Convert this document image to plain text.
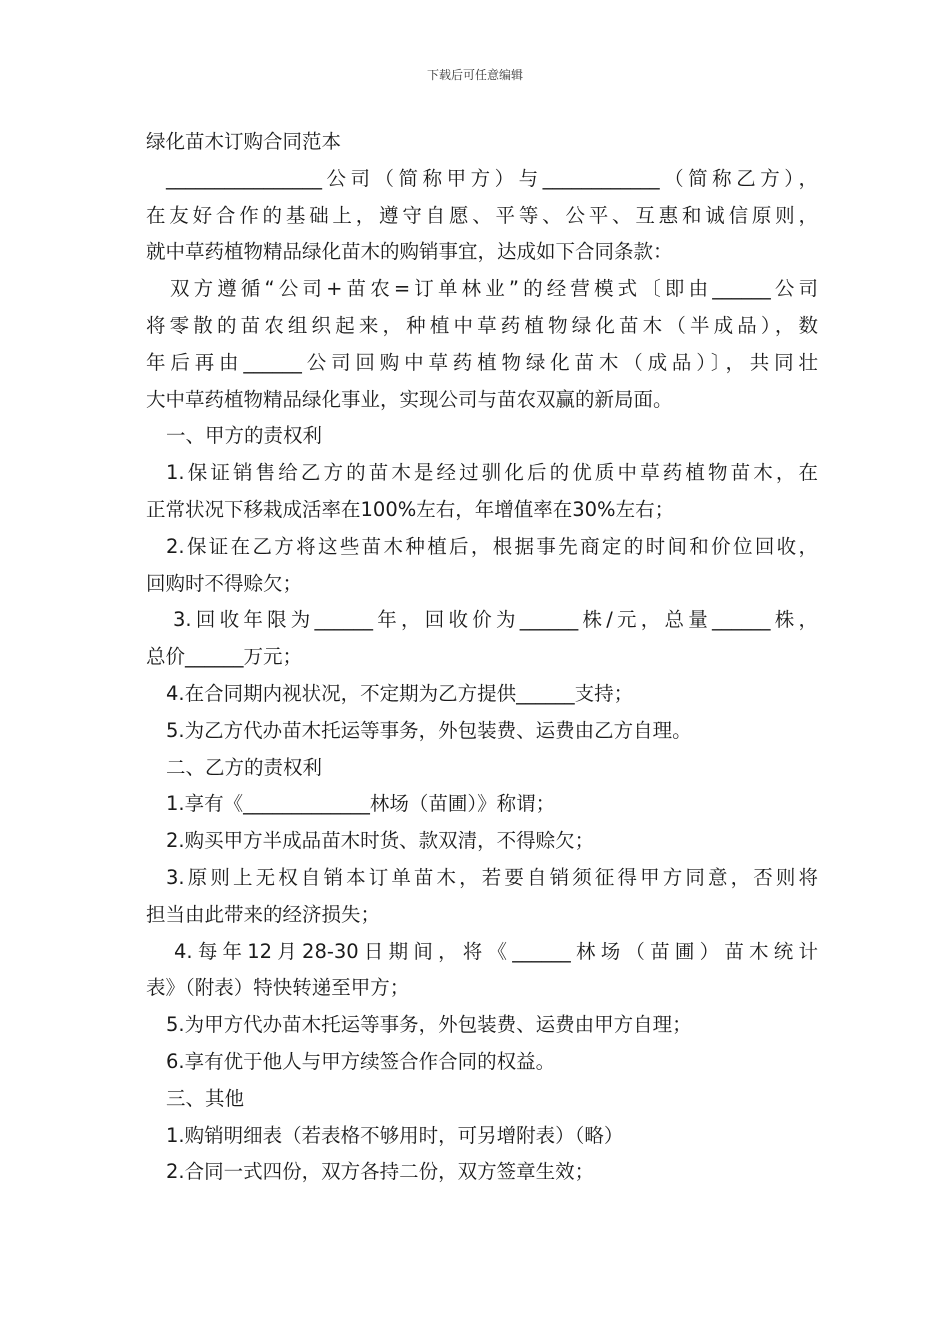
下载后可任意编辑
绿化苗木订购合同范本
________________公司（简称甲方）与____________（简称乙方），
在友好合作的基础上，遵守自愿、平等、公平、互惠和诚信原则，
就中草药植物精品绿化苗木的购销事宜，达成如下合同条款：
双方遵循“公司+苗农=订单林业”的经营模式〔即由______公司
将零散的苗农组织起来，种植中草药植物绿化苗木（半成品），数
年后再由______公司回购中草药植物绿化苗木（成品）〕，共同壮
大中草药植物精品绿化事业，实现公司与苗农双赢的新局面。
一、甲方的责权利
1.保证销售给乙方的苗木是经过驯化后的优质中草药植物苗木，在
正常状况下移栽成活率在100%左右，年增值率在30%左右；
2.保证在乙方将这些苗木种植后，根据事先商定的时间和价位回收，
回购时不得赊欠；
3.回收年限为______年，回收价为______株/元，总量______株，
总价______万元；
4.在合同期内视状况，不定期为乙方提供______支持；
5.为乙方代办苗木托运等事务，外包装费、运费由乙方自理。
二、乙方的责权利
1.享有《_____________林场（苗圃）》称谓；
2.购买甲方半成品苗木时货、款双清，不得赊欠；
3.原则上无权自销本订单苗木，若要自销须征得甲方同意，否则将
担当由此带来的经济损失；
4.每年12月28-30日期间，将《______林场（苗圃）苗木统计
表》（附表）特快转递至甲方；
5.为甲方代办苗木托运等事务，外包装费、运费由甲方自理；
6.享有优于他人与甲方续签合作合同的权益。
三、其他
1.购销明细表（若表格不够用时，可另增附表）（略）
2.合同一式四份，双方各持二份，双方签章生效；
